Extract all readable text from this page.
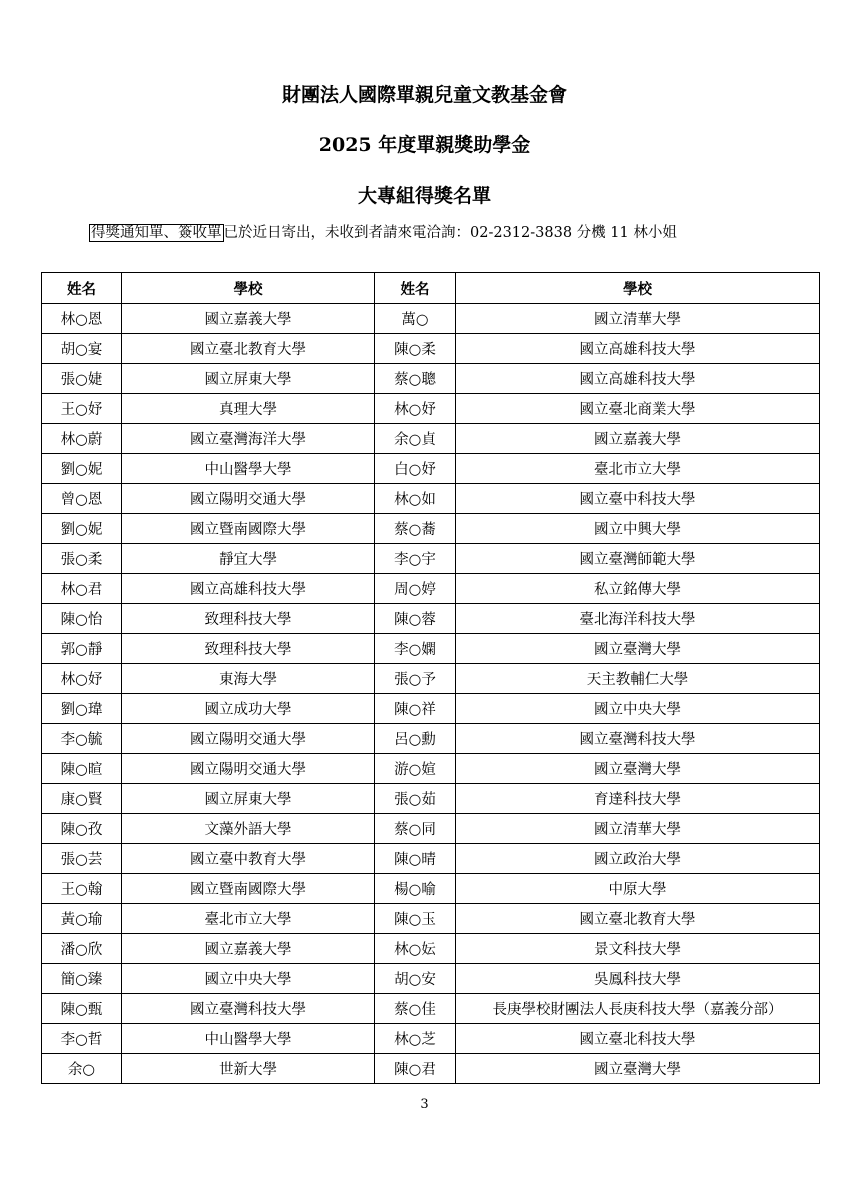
財團法人國際單親兒童文教基金會
2025 年度單親獎助學金
大專組得獎名單
得獎通知單、簽收單 已於近日寄出，未收到者請來電洽詢：02-2312-3838 分機 11 林小姐
姓名	學校	姓名	學校
林○恩	國立嘉義大學	萬○	國立清華大學
胡○宴	國立臺北教育大學	陳○柔	國立高雄科技大學
張○婕	國立屏東大學	蔡○聰	國立高雄科技大學
王○妤	真理大學	林○妤	國立臺北商業大學
林○蔚	國立臺灣海洋大學	余○貞	國立嘉義大學
劉○妮	中山醫學大學	白○妤	臺北市立大學
曾○恩	國立陽明交通大學	林○如	國立臺中科技大學
劉○妮	國立暨南國際大學	蔡○蕎	國立中興大學
張○柔	靜宜大學	李○宇	國立臺灣師範大學
林○君	國立高雄科技大學	周○婷	私立銘傳大學
陳○怡	致理科技大學	陳○蓉	臺北海洋科技大學
郭○靜	致理科技大學	李○嫻	國立臺灣大學
林○妤	東海大學	張○予	天主教輔仁大學
劉○瑋	國立成功大學	陳○祥	國立中央大學
李○毓	國立陽明交通大學	呂○勳	國立臺灣科技大學
陳○暄	國立陽明交通大學	游○媗	國立臺灣大學
康○賢	國立屏東大學	張○茹	育達科技大學
陳○孜	文藻外語大學	蔡○同	國立清華大學
張○芸	國立臺中教育大學	陳○晴	國立政治大學
王○翰	國立暨南國際大學	楊○喻	中原大學
黃○瑜	臺北市立大學	陳○玉	國立臺北教育大學
潘○欣	國立嘉義大學	林○妘	景文科技大學
簡○臻	國立中央大學	胡○安	吳鳳科技大學
陳○甄	國立臺灣科技大學	蔡○佳	長庚學校財團法人長庚科技大學（嘉義分部）
李○哲	中山醫學大學	林○芝	國立臺北科技大學
余○	世新大學	陳○君	國立臺灣大學
3
